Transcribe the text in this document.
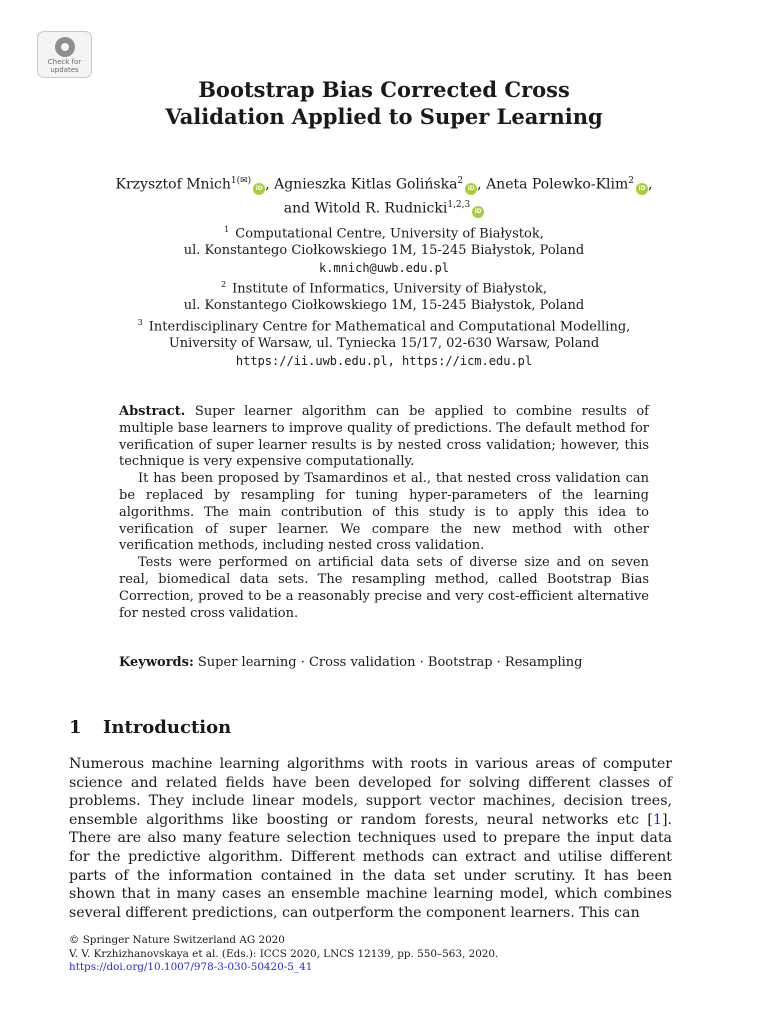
Check for
updates
Bootstrap Bias Corrected Cross
Validation Applied to Super Learning
Krzysztof Mnich$^{1(✉)}$iD , Agnieszka Kitlas Golińska$^2$iD , Aneta Polewko-Klim$^2$iD ,
and Witold R. Rudnicki$^{1,2,3}$iD
$^1$ Computational Centre, University of Białystok,
ul. Konstantego Ciołkowskiego 1M, 15-245 Białystok, Poland
k.mnich@uwb.edu.pl
$^2$ Institute of Informatics, University of Białystok,
ul. Konstantego Ciołkowskiego 1M, 15-245 Białystok, Poland
$^3$ Interdisciplinary Centre for Mathematical and Computational Modelling,
University of Warsaw, ul. Tyniecka 15/17, 02-630 Warsaw, Poland
https://ii.uwb.edu.pl, https://icm.edu.pl

Abstract. Super learner algorithm can be applied to combine results of multiple base learners to improve quality of predictions. The default method for verification of super learner results is by nested cross validation; however, this technique is very expensive computationally.

It has been proposed by Tsamardinos et al., that nested cross validation can be replaced by resampling for tuning hyper-parameters of the learning algorithms. The main contribution of this study is to apply this idea to verification of super learner. We compare the new method with other verification methods, including nested cross validation.

Tests were performed on artificial data sets of diverse size and on seven real, biomedical data sets. The resampling method, called Bootstrap Bias Correction, proved to be a reasonably precise and very cost-efficient alternative for nested cross validation.

Keywords: Super learning · Cross validation · Bootstrap · Resampling
1 Introduction

Numerous machine learning algorithms with roots in various areas of computer science and related fields have been developed for solving different classes of problems. They include linear models, support vector machines, decision trees, ensemble algorithms like boosting or random forests, neural networks etc [1]. There are also many feature selection techniques used to prepare the input data for the predictive algorithm. Different methods can extract and utilise different parts of the information contained in the data set under scrutiny. It has been shown that in many cases an ensemble machine learning model, which combines several different predictions, can outperform the component learners. This can

© Springer Nature Switzerland AG 2020
V. V. Krzhizhanovskaya et al. (Eds.): ICCS 2020, LNCS 12139, pp. 550–563, 2020.
https://doi.org/10.1007/978-3-030-50420-5_41
